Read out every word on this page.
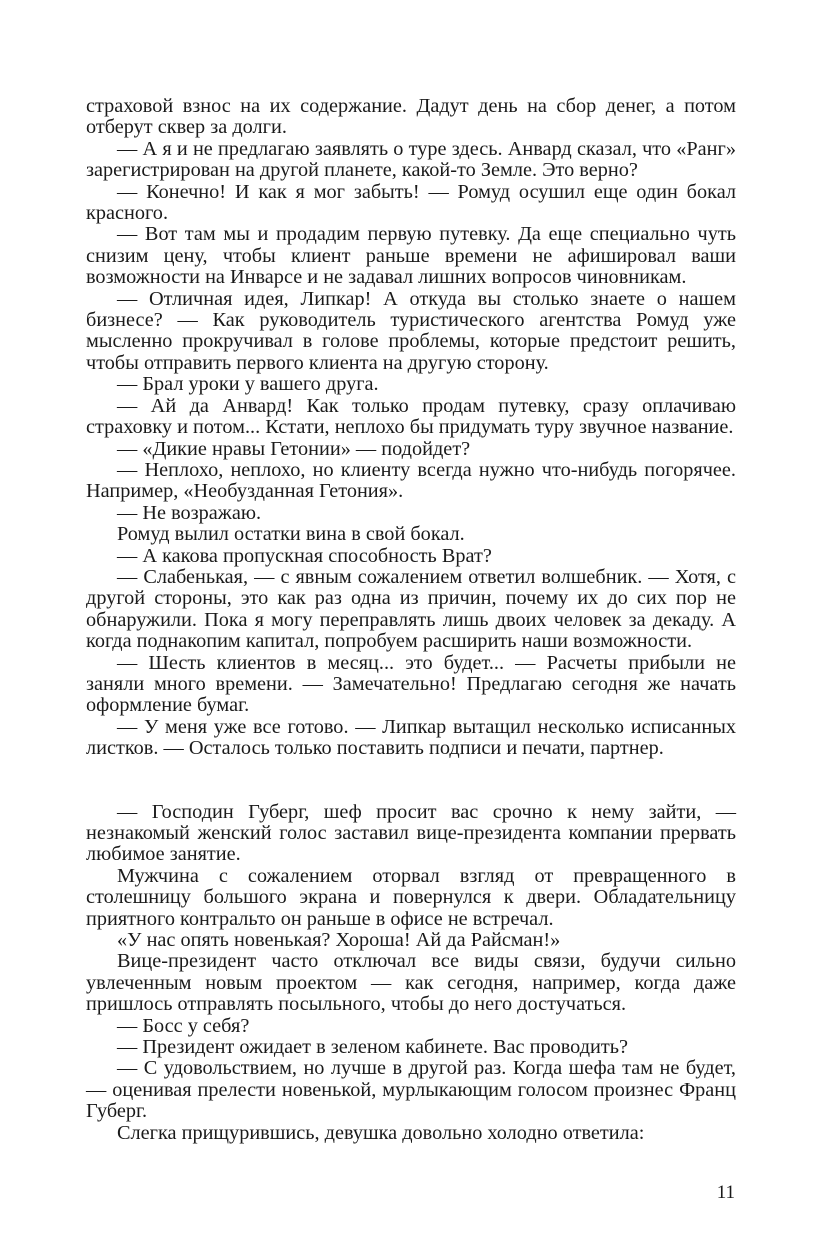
страховой взнос на их содержание. Дадут день на сбор денег, а потом отберут сквер за долги.

— А я и не предлагаю заявлять о туре здесь. Анвард сказал, что «Ранг» зарегистрирован на другой планете, какой-то Земле. Это верно?

— Конечно! И как я мог забыть! — Ромуд осушил еще один бокал красного.

— Вот там мы и продадим первую путевку. Да еще специально чуть снизим цену, чтобы клиент раньше времени не афишировал ваши возможности на Инварсе и не задавал лишних вопросов чиновникам.

— Отличная идея, Липкар! А откуда вы столько знаете о нашем бизнесе? — Как руководитель туристического агентства Ромуд уже мысленно прокручивал в голове проблемы, которые предстоит решить, чтобы отправить первого клиента на другую сторону.

— Брал уроки у вашего друга.

— Ай да Анвард! Как только продам путевку, сразу оплачиваю страховку и потом... Кстати, неплохо бы придумать туру звучное название.

— «Дикие нравы Гетонии» — подойдет?

— Неплохо, неплохо, но клиенту всегда нужно что-нибудь погорячее. Например, «Необузданная Гетония».

— Не возражаю.

Ромуд вылил остатки вина в свой бокал.

— А какова пропускная способность Врат?

— Слабенькая, — с явным сожалением ответил волшебник. — Хотя, с другой стороны, это как раз одна из причин, почему их до сих пор не обнаружили. Пока я могу переправлять лишь двоих человек за декаду. А когда поднакопим капитал, попробуем расширить наши возможности.

— Шесть клиентов в месяц... это будет... — Расчеты прибыли не заняли много времени. — Замечательно! Предлагаю сегодня же начать оформление бумаг.

— У меня уже все готово. — Липкар вытащил несколько исписанных листков. — Осталось только поставить подписи и печати, партнер.

— Господин Губерг, шеф просит вас срочно к нему зайти, — незнакомый женский голос заставил вице-президента компании прервать любимое занятие.

Мужчина с сожалением оторвал взгляд от превращенного в столешницу большого экрана и повернулся к двери. Обладательницу приятного контральто он раньше в офисе не встречал.

«У нас опять новенькая? Хороша! Ай да Райсман!»

Вице-президент часто отключал все виды связи, будучи сильно увлеченным новым проектом — как сегодня, например, когда даже пришлось отправлять посыльного, чтобы до него достучаться.

— Босс у себя?

— Президент ожидает в зеленом кабинете. Вас проводить?

— С удовольствием, но лучше в другой раз. Когда шефа там не будет, — оценивая прелести новенькой, мурлыкающим голосом произнес Франц Губерг.

Слегка прищурившись, девушка довольно холодно ответила:

11
